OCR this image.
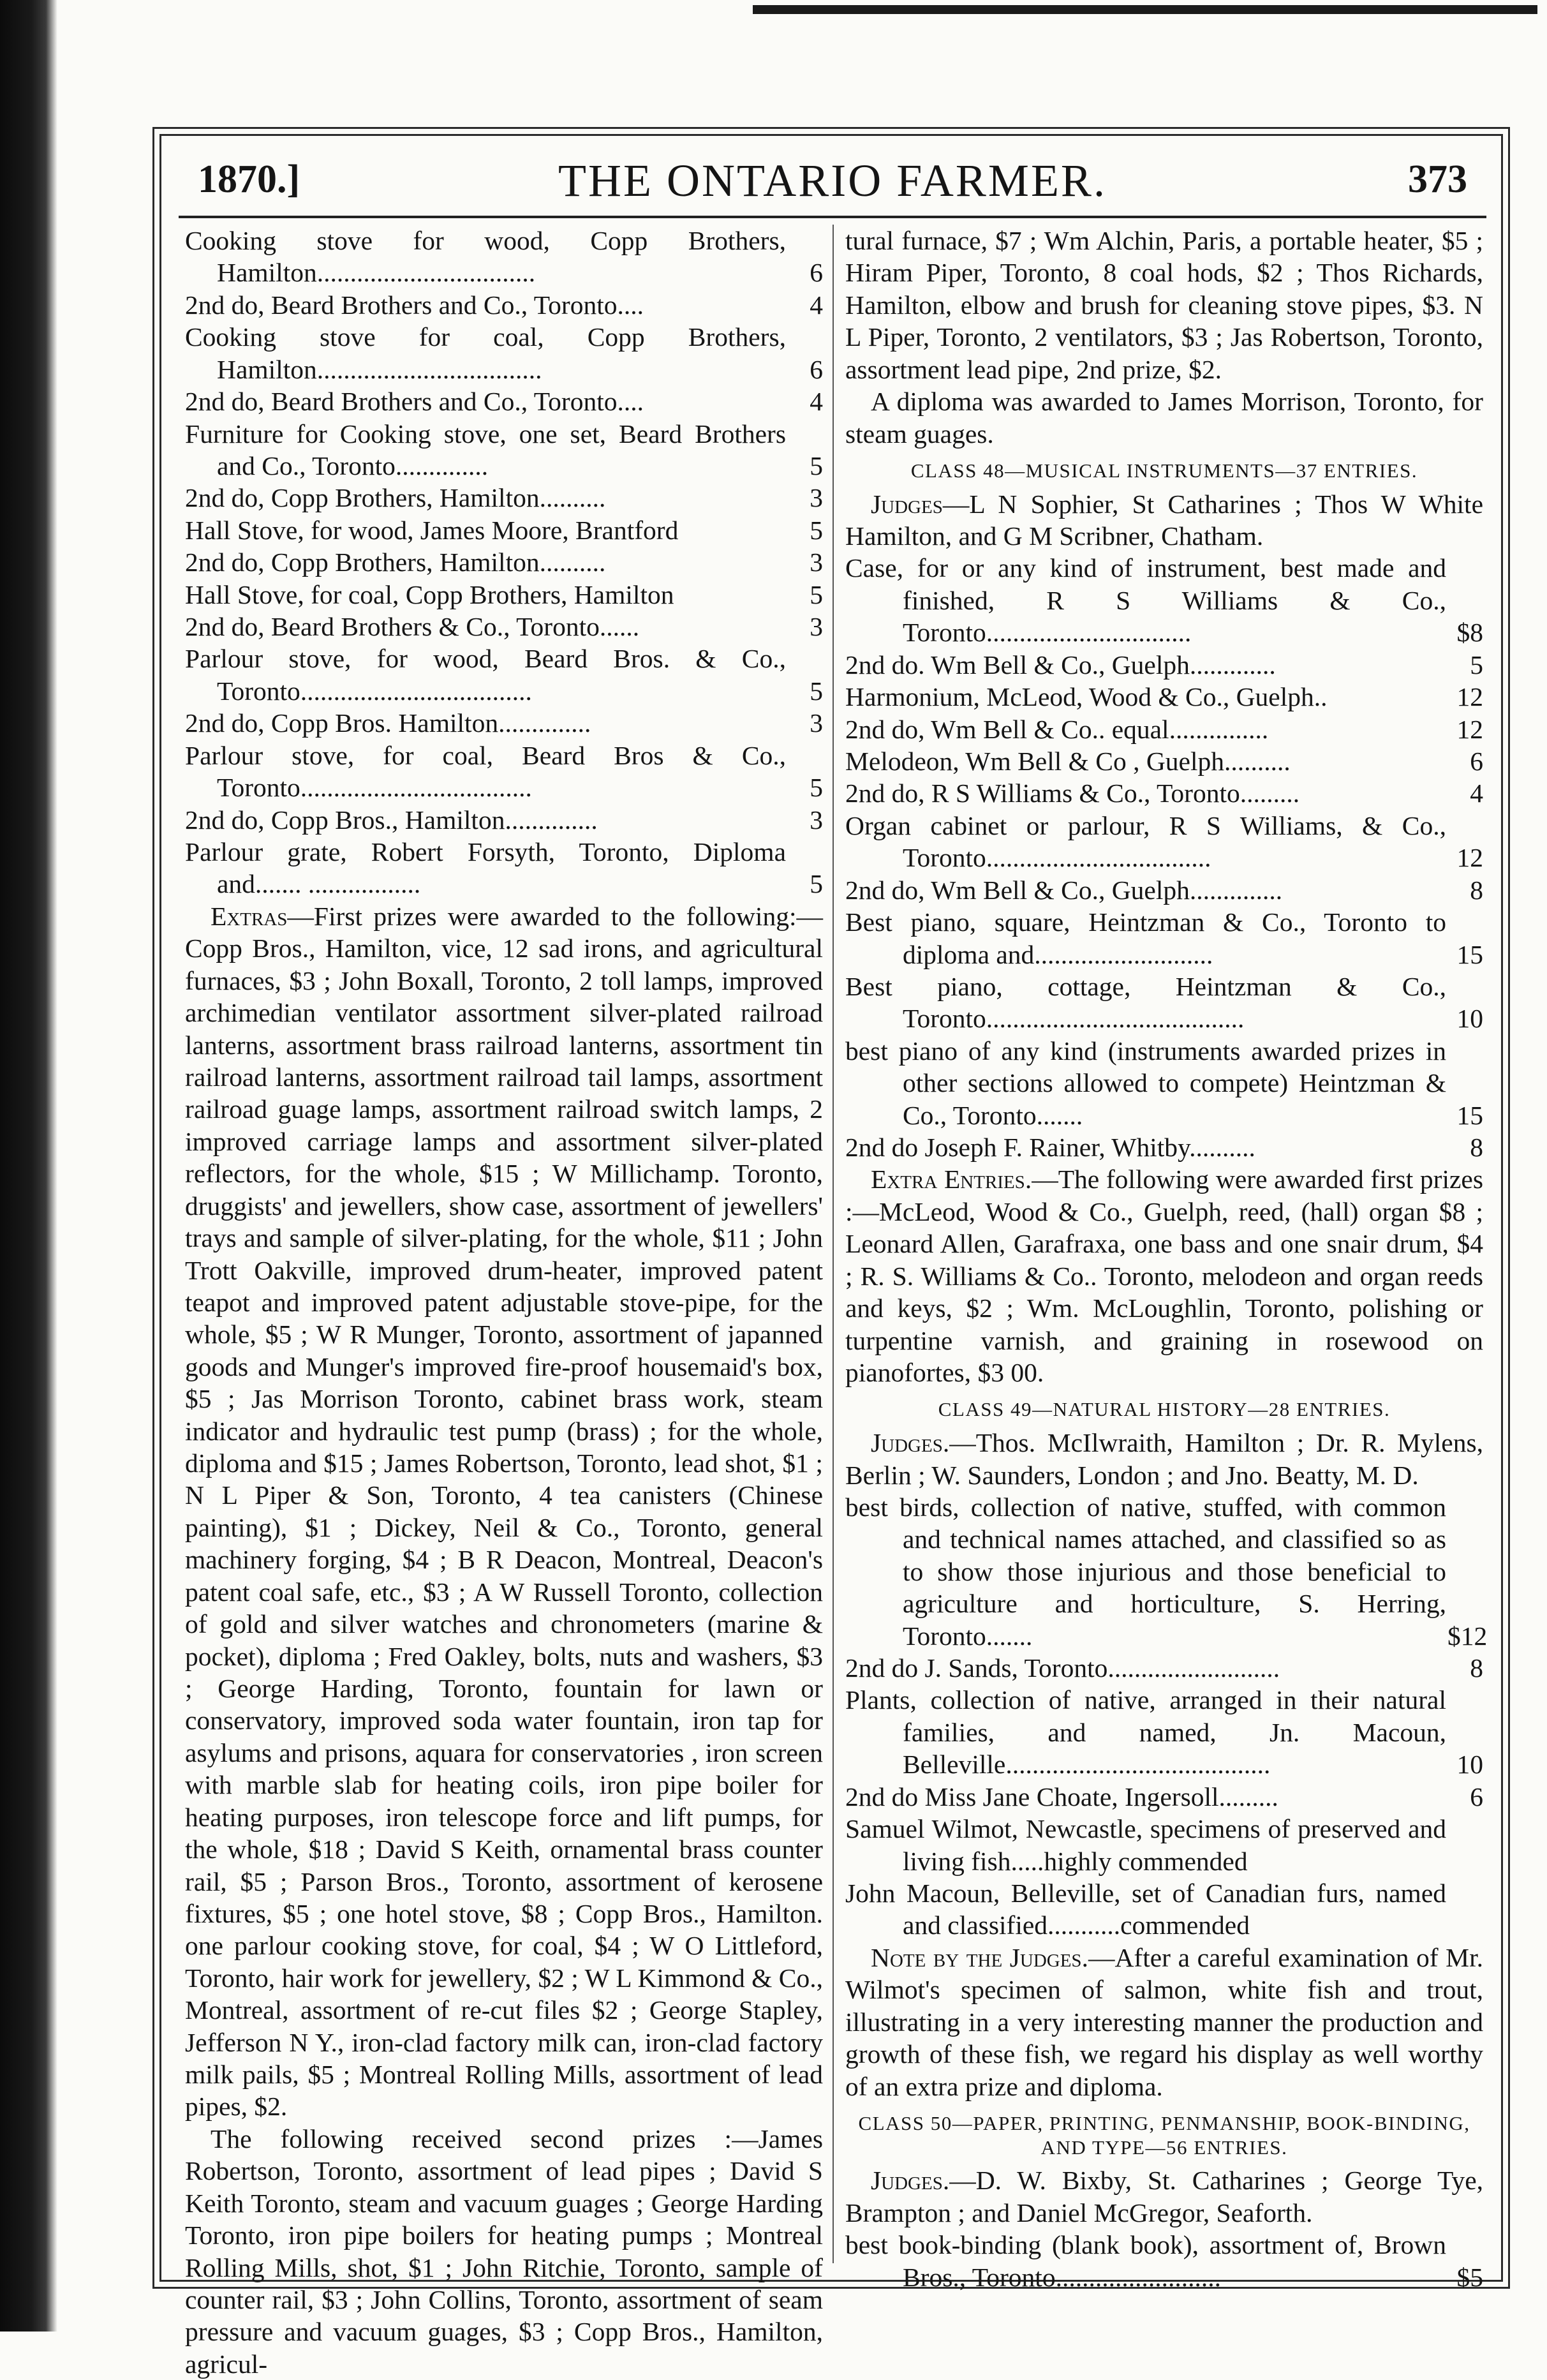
1870.]	THE ONTARIO FARMER.	373
Cooking stove for wood, Copp Brothers, Hamilton.................................	6
2nd do, Beard Brothers and Co., Toronto....	4
Cooking stove for coal, Copp Brothers, Hamilton..................................	6
2nd do, Beard Brothers and Co., Toronto....	4
Furniture for Cooking stove, one set, Beard Brothers and Co., Toronto..............	5
2nd do, Copp Brothers, Hamilton..........	3
Hall Stove, for wood, James Moore, Brantford	5
2nd do, Copp Brothers, Hamilton..........	3
Hall Stove, for coal, Copp Brothers, Hamilton	5
2nd do, Beard Brothers & Co., Toronto......	3
Parlour stove, for wood, Beard Bros. & Co., Toronto...................................	5
2nd do, Copp Bros. Hamilton..............	3
Parlour stove, for coal, Beard Bros & Co., Toronto...................................	5
2nd do, Copp Bros., Hamilton..............	3
Parlour grate, Robert Forsyth, Toronto, Diploma and....... .................	5

Extras—First prizes were awarded to the following:—Copp Bros., Hamilton, vice, 12 sad irons, and agricultural furnaces, $3 ; John Boxall, Toronto, 2 toll lamps, improved archimedian ventilator assortment silver-plated railroad lanterns, assortment brass railroad lanterns, assortment tin railroad lanterns, assortment railroad tail lamps, assortment railroad guage lamps, assortment railroad switch lamps, 2 improved carriage lamps and assortment silver-plated reflectors, for the whole, $15 ; W Millichamp. Toronto, druggists' and jewellers, show case, assortment of jewellers' trays and sample of silver-plating, for the whole, $11 ; John Trott Oakville, improved drum-heater, improved patent teapot and improved patent adjustable stove-pipe, for the whole, $5 ; W R Munger, Toronto, assortment of japanned goods and Munger's improved fire-proof housemaid's box, $5 ; Jas Morrison Toronto, cabinet brass work, steam indicator and hydraulic test pump (brass) ; for the whole, diploma and $15 ; James Robertson, Toronto, lead shot, $1 ; N L Piper & Son, Toronto, 4 tea canisters (Chinese painting), $1 ; Dickey, Neil & Co., Toronto, general machinery forging, $4 ; B R Deacon, Montreal, Deacon's patent coal safe, etc., $3 ; A W Russell Toronto, collection of gold and silver watches and chronometers (marine & pocket), diploma ; Fred Oakley, bolts, nuts and washers, $3 ; George Harding, Toronto, fountain for lawn or conservatory, improved soda water fountain, iron tap for asylums and prisons, aquara for conservatories , iron screen with marble slab for heating coils, iron pipe boiler for heating purposes, iron telescope force and lift pumps, for the whole, $18 ; David S Keith, ornamental brass counter rail, $5 ; Parson Bros., Toronto, assortment of kerosene fixtures, $5 ; one hotel stove, $8 ; Copp Bros., Hamilton. one parlour cooking stove, for coal, $4 ; W O Littleford, Toronto, hair work for jewellery, $2 ; W L Kimmond & Co., Montreal, assortment of re-cut files $2 ; George Stapley, Jefferson N Y., iron-clad factory milk can, iron-clad factory milk pails, $5 ; Montreal Rolling Mills, assortment of lead pipes, $2.

The following received second prizes :—James Robertson, Toronto, assortment of lead pipes ; David S Keith Toronto, steam and vacuum guages ; George Harding Toronto, iron pipe boilers for heating pumps ; Montreal Rolling Mills, shot, $1 ; John Ritchie, Toronto, sample of counter rail, $3 ; John Collins, Toronto, assortment of seam pressure and vacuum guages, $3 ; Copp Bros., Hamilton, agricul-

tural furnace, $7 ; Wm Alchin, Paris, a portable heater, $5 ; Hiram Piper, Toronto, 8 coal hods, $2 ; Thos Richards, Hamilton, elbow and brush for cleaning stove pipes, $3. N L Piper, Toronto, 2 ventilators, $3 ; Jas Robertson, Toronto, assortment lead pipe, 2nd prize, $2.

A diploma was awarded to James Morrison, Toronto, for steam guages.

CLASS 48—MUSICAL INSTRUMENTS—37 ENTRIES.

Judges—L N Sophier, St Catharines ; Thos W White Hamilton, and G M Scribner, Chatham.

Case, for or any kind of instrument, best made and finished, R S Williams & Co., Toronto...............................	$8
2nd do. Wm Bell & Co., Guelph.............	5
Harmonium, McLeod, Wood & Co., Guelph..	12
2nd do, Wm Bell & Co.. equal...............	12
Melodeon, Wm Bell & Co , Guelph..........	6
2nd do, R S Williams & Co., Toronto.........	4
Organ cabinet or parlour, R S Williams, & Co., Toronto..................................	12
2nd do, Wm Bell & Co., Guelph..............	8
Best piano, square, Heintzman & Co., Toronto to diploma and...........................	15
Best piano, cottage, Heintzman & Co., Toronto.......................................	10
best piano of any kind (instruments awarded prizes in other sections allowed to compete) Heintzman & Co., Toronto.......	15
2nd do Joseph F. Rainer, Whitby..........	8

Extra Entries.—The following were awarded first prizes :—McLeod, Wood & Co., Guelph, reed, (hall) organ $8 ; Leonard Allen, Garafraxa, one bass and one snair drum, $4 ; R. S. Williams & Co.. Toronto, melodeon and organ reeds and keys, $2 ; Wm. McLoughlin, Toronto, polishing or turpentine varnish, and graining in rosewood on pianofortes, $3 00.

CLASS 49—NATURAL HISTORY—28 ENTRIES.

Judges.—Thos. McIlwraith, Hamilton ; Dr. R. Mylens, Berlin ; W. Saunders, London ; and Jno. Beatty, M. D.

best birds, collection of native, stuffed, with common and technical names attached, and classified so as to show those injurious and those beneficial to agriculture and horticulture, S. Herring, Toronto.......	$12
2nd do J. Sands, Toronto..........................	8
Plants, collection of native, arranged in their natural families, and named, Jn. Macoun, Belleville........................................	10
2nd do Miss Jane Choate, Ingersoll.........	6
Samuel Wilmot, Newcastle, specimens of preserved and living fish.....highly commended
John Macoun, Belleville, set of Canadian furs, named and classified...........commended

Note by the Judges.—After a careful examination of Mr. Wilmot's specimen of salmon, white fish and trout, illustrating in a very interesting manner the production and growth of these fish, we regard his display as well worthy of an extra prize and diploma.

CLASS 50—PAPER, PRINTING, PENMANSHIP, BOOK-BINDING, AND TYPE—56 ENTRIES.

Judges.—D. W. Bixby, St. Catharines ; George Tye, Brampton ; and Daniel McGregor, Seaforth.

best book-binding (blank book), assortment of, Brown Bros., Toronto.........................	$5
